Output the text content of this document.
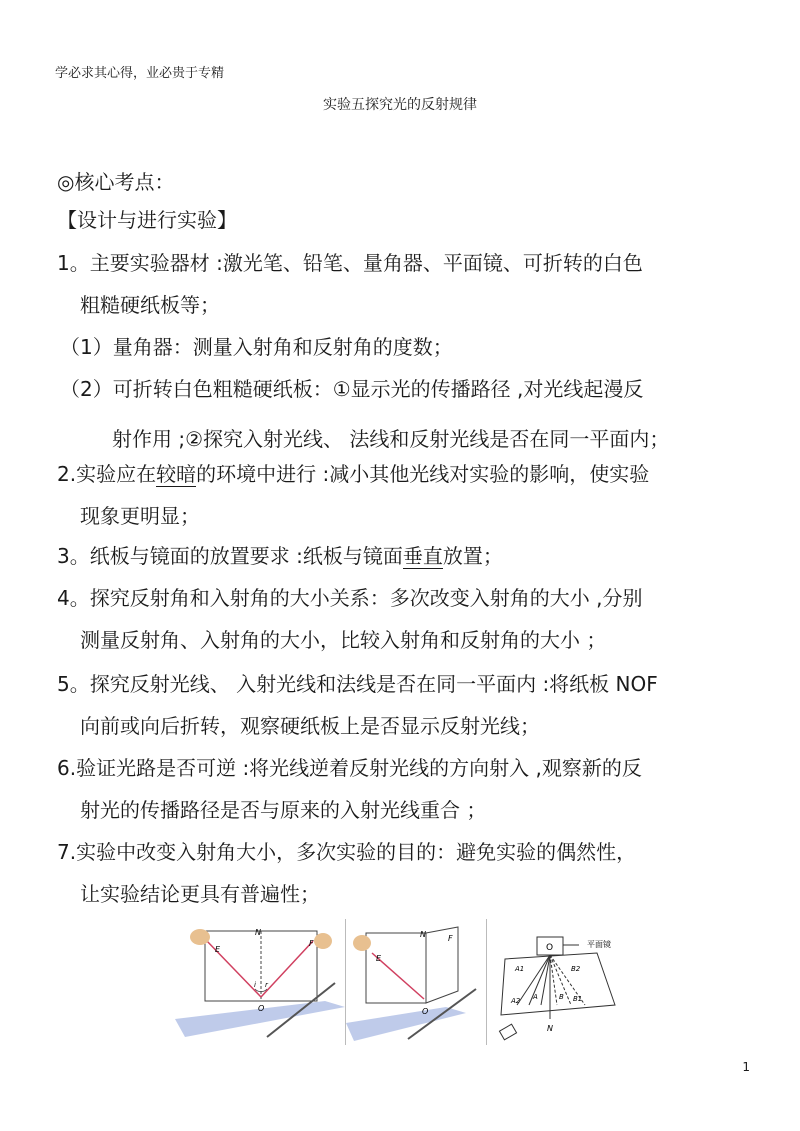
学必求其心得，业必贵于专精
实验五探究光的反射规律
◎核心考点：
【设计与进行实验】
1。主要实验器材 :激光笔、铅笔、量角器、平面镜、可折转的白色
粗糙硬纸板等；
（1）量角器：测量入射角和反射角的度数；
（2）可折转白色粗糙硬纸板：①显示光的传播路径 ,对光线起漫反
射作用 ;②探究入射光线、 法线和反射光线是否在同一平面内；
2.实验应在较暗的环境中进行 :减小其他光线对实验的影响，使实验
现象更明显；
3。纸板与镜面的放置要求 :纸板与镜面垂直放置；
4。探究反射角和入射角的大小关系：多次改变入射角的大小 ,分别
测量反射角、入射角的大小，比较入射角和反射角的大小 ；
5。探究反射光线、 入射光线和法线是否在同一平面内 :将纸板 NOF
向前或向后折转，观察硬纸板上是否显示反射光线；
6.验证光路是否可逆 :将光线逆着反射光线的方向射入 ,观察新的反
射光的传播路径是否与原来的入射光线重合 ；
7.实验中改变入射角大小，多次实验的目的：避免实验的偶然性，
让实验结论更具有普遍性；
E
N
F
i r
O
E
N	F
O
O	平面镜
A1
A2 A	B B1
B2
N
1
